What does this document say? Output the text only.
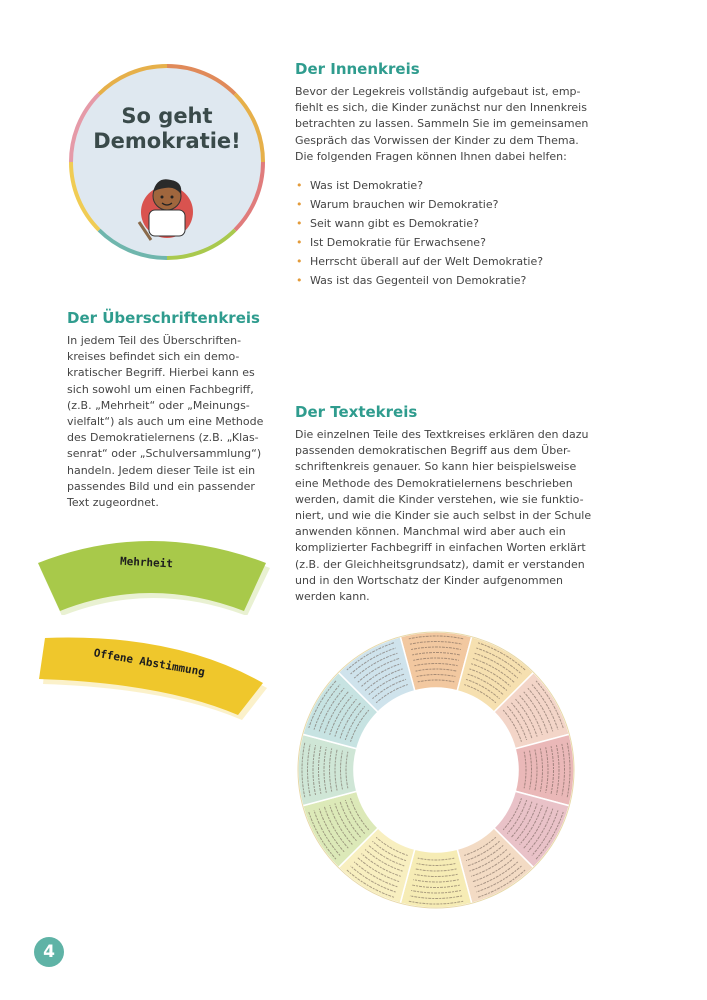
So geht
Demokratie!
Der Innenkreis
Bevor der Legekreis vollständig aufgebaut ist, emp-
fiehlt es sich, die Kinder zunächst nur den Innenkreis
betrachten zu lassen. Sammeln Sie im gemeinsamen
Gespräch das Vorwissen der Kinder zu dem Thema.
Die folgenden Fragen können Ihnen dabei helfen:
• Was ist Demokratie?
• Warum brauchen wir Demokratie?
• Seit wann gibt es Demokratie?
• Ist Demokratie für Erwachsene?
• Herrscht überall auf der Welt Demokratie?
• Was ist das Gegenteil von Demokratie?
Der Überschriftenkreis
In jedem Teil des Überschriften-
kreises befindet sich ein demo-
kratischer Begriff. Hierbei kann es
sich sowohl um einen Fachbegriff,
(z.B. „Mehrheit“ oder „Meinungs-
vielfalt“) als auch um eine Methode
des Demokratielernens (z.B. „Klas-
senrat“ oder „Schulversammlung“)
handeln. Jedem dieser Teile ist ein
passendes Bild und ein passender
Text zugeordnet.
Mehrheit
Offene Abstimmung
Der Textekreis
Die einzelnen Teile des Textkreises erklären den dazu
passenden demokratischen Begriff aus dem Über-
schriftenkreis genauer. So kann hier beispielsweise
eine Methode des Demokratielernens beschrieben
werden, damit die Kinder verstehen, wie sie funktio-
niert, und wie die Kinder sie auch selbst in der Schule
anwenden können. Manchmal wird aber auch ein
komplizierter Fachbegriff in einfachen Worten erklärt
(z.B. der Gleichheitsgrundsatz), damit er verstanden
und in den Wortschatz der Kinder aufgenommen
werden kann.
4
